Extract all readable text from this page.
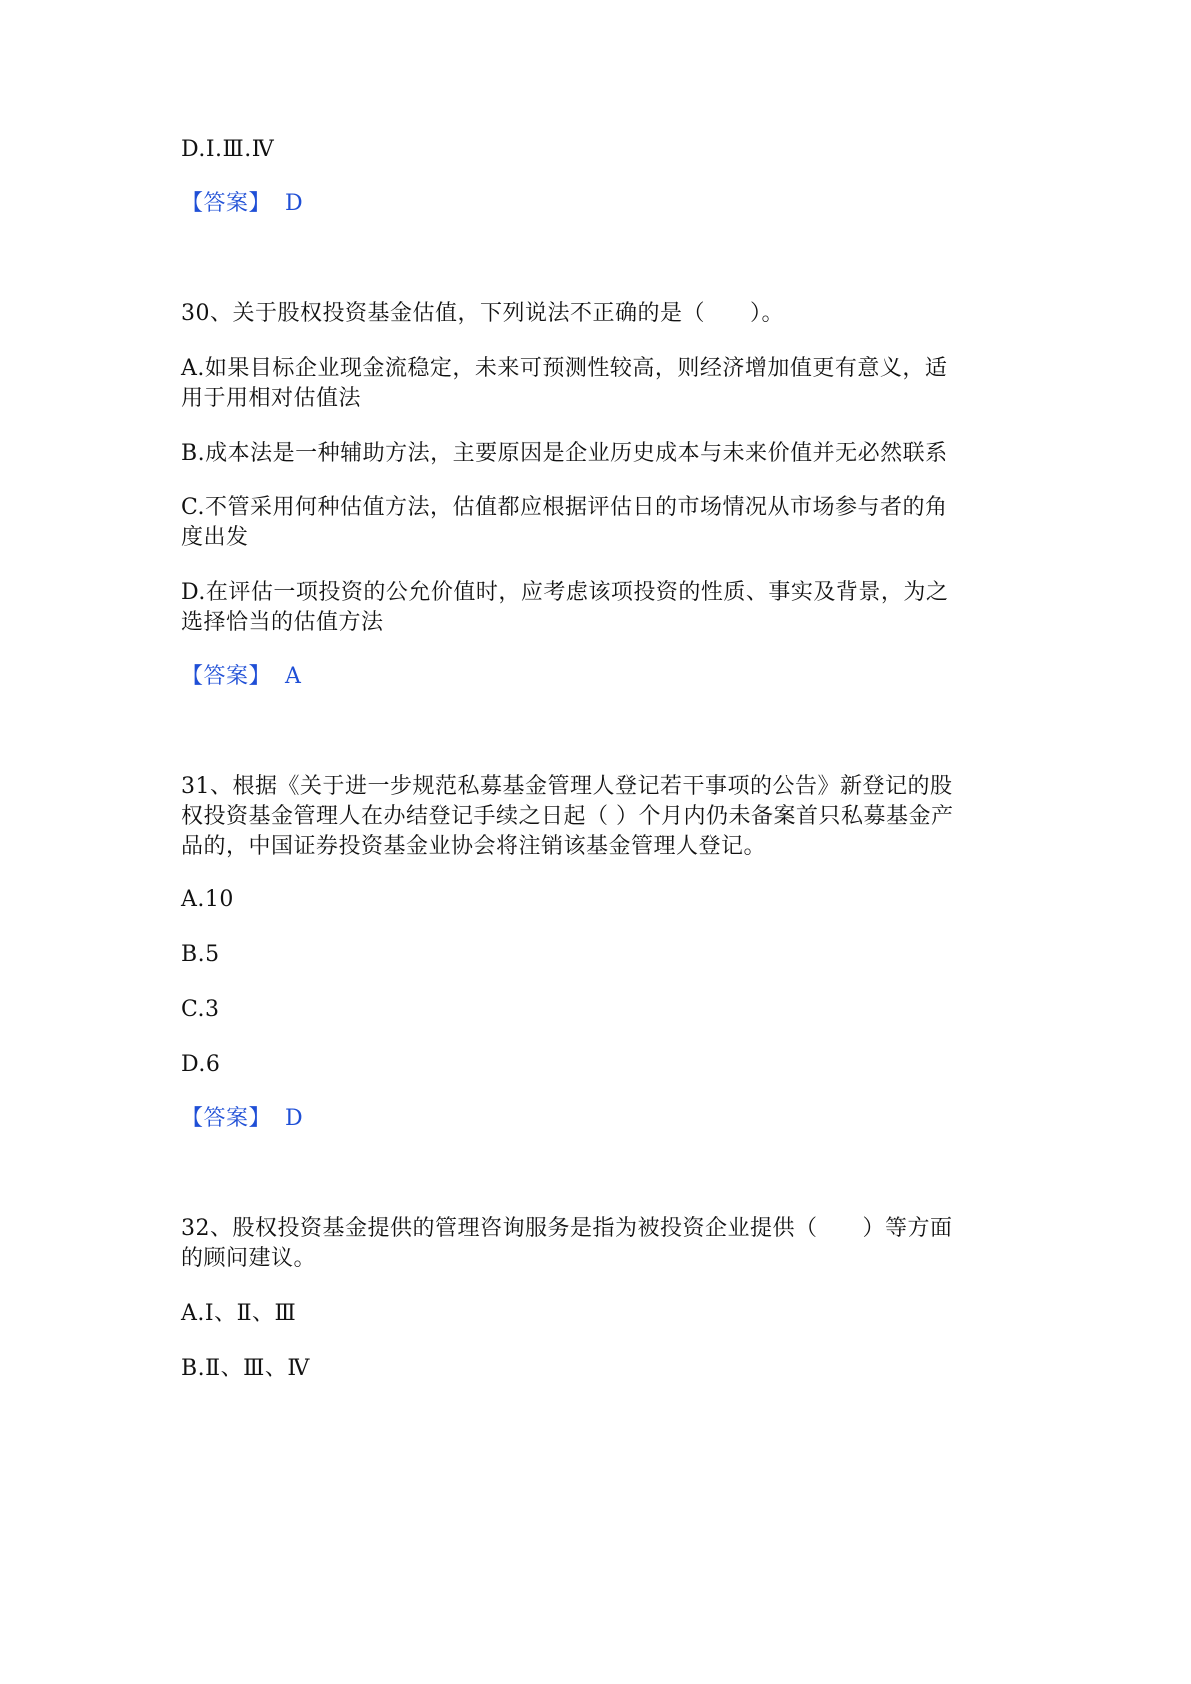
D.Ⅰ.Ⅲ.Ⅳ
【答案】 D
30、关于股权投资基金估值，下列说法不正确的是（　　）。
A.如果目标企业现金流稳定，未来可预测性较高，则经济增加值更有意义，适
用于用相对估值法
B.成本法是一种辅助方法，主要原因是企业历史成本与未来价值并无必然联系
C.不管采用何种估值方法，估值都应根据评估日的市场情况从市场参与者的角
度出发
D.在评估一项投资的公允价值时，应考虑该项投资的性质、事实及背景，为之
选择恰当的估值方法
【答案】 A
31、根据《关于进一步规范私募基金管理人登记若干事项的公告》新登记的股
权投资基金管理人在办结登记手续之日起（ ）个月内仍未备案首只私募基金产
品的，中国证券投资基金业协会将注销该基金管理人登记。
A.10
B.5
C.3
D.6
【答案】 D
32、股权投资基金提供的管理咨询服务是指为被投资企业提供（　　）等方面
的顾问建议。
A.Ⅰ、Ⅱ、Ⅲ
B.Ⅱ、Ⅲ、Ⅳ
